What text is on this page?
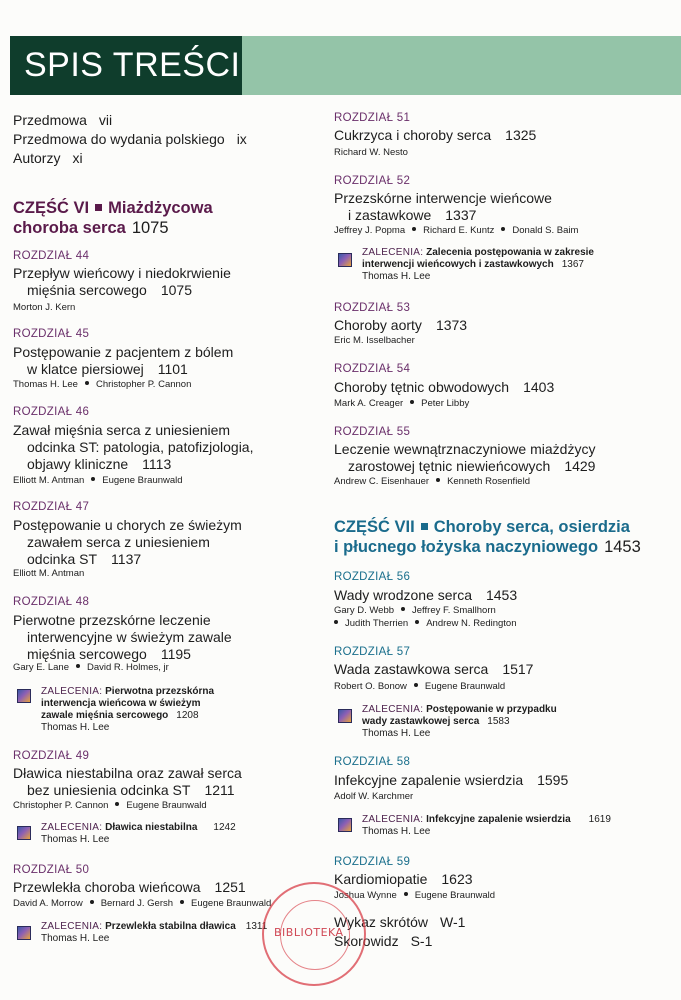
SPIS TREŚCI
Przedmowa vii
Przedmowa do wydania polskiego ix
Autorzy xi
CZĘŚĆ VI Miażdżycowa
choroba serca 1075
ROZDZIAŁ 44
Przepływ wieńcowy i niedokrwienie
mięśnia sercowego 1075
Morton J. Kern
ROZDZIAŁ 45
Postępowanie z pacjentem z bólem
w klatce piersiowej 1101
Thomas H. Lee Christopher P. Cannon
ROZDZIAŁ 46
Zawał mięśnia serca z uniesieniem
odcinka ST: patologia, patofizjologia,
objawy kliniczne 1113
Elliott M. Antman Eugene Braunwald
ROZDZIAŁ 47
Postępowanie u chorych ze świeżym
zawałem serca z uniesieniem
odcinka ST 1137
Elliott M. Antman
ROZDZIAŁ 48
Pierwotne przezskórne leczenie
interwencyjne w świeżym zawale
mięśnia sercowego 1195
Gary E. Lane David R. Holmes, jr
ZALECENIA: Pierwotna przezskórna
interwencja wieńcowa w świeżym
zawale mięśnia sercowego 1208
Thomas H. Lee
ROZDZIAŁ 49
Dławica niestabilna oraz zawał serca
bez uniesienia odcinka ST 1211
Christopher P. Cannon Eugene Braunwald
ZALECENIA: Dławica niestabilna 1242
Thomas H. Lee
ROZDZIAŁ 50
Przewlekła choroba wieńcowa 1251
David A. Morrow Bernard J. Gersh Eugene Braunwald
ZALECENIA: Przewlekła stabilna dławica 1311
Thomas H. Lee
ROZDZIAŁ 51
Cukrzyca i choroby serca 1325
Richard W. Nesto
ROZDZIAŁ 52
Przezskórne interwencje wieńcowe
i zastawkowe 1337
Jeffrey J. Popma Richard E. Kuntz Donald S. Baim
ZALECENIA: Zalecenia postępowania w zakresie
interwencji wieńcowych i zastawkowych 1367
Thomas H. Lee
ROZDZIAŁ 53
Choroby aorty 1373
Eric M. Isselbacher
ROZDZIAŁ 54
Choroby tętnic obwodowych 1403
Mark A. Creager Peter Libby
ROZDZIAŁ 55
Leczenie wewnątrznaczyniowe miażdżycy
zarostowej tętnic niewieńcowych 1429
Andrew C. Eisenhauer Kenneth Rosenfield
CZĘŚĆ VII Choroby serca, osierdzia
i płucnego łożyska naczyniowego 1453
ROZDZIAŁ 56
Wady wrodzone serca 1453
Gary D. Webb Jeffrey F. Smallhorn
Judith Therrien Andrew N. Redington
ROZDZIAŁ 57
Wada zastawkowa serca 1517
Robert O. Bonow Eugene Braunwald
ZALECENIA: Postępowanie w przypadku
wady zastawkowej serca 1583
Thomas H. Lee
ROZDZIAŁ 58
Infekcyjne zapalenie wsierdzia 1595
Adolf W. Karchmer
ZALECENIA: Infekcyjne zapalenie wsierdzia 1619
Thomas H. Lee
ROZDZIAŁ 59
Kardiomiopatie 1623
Joshua Wynne Eugene Braunwald
Wykaz skrótów W-1
Skorowidz S-1
BIBLIOTEKA
